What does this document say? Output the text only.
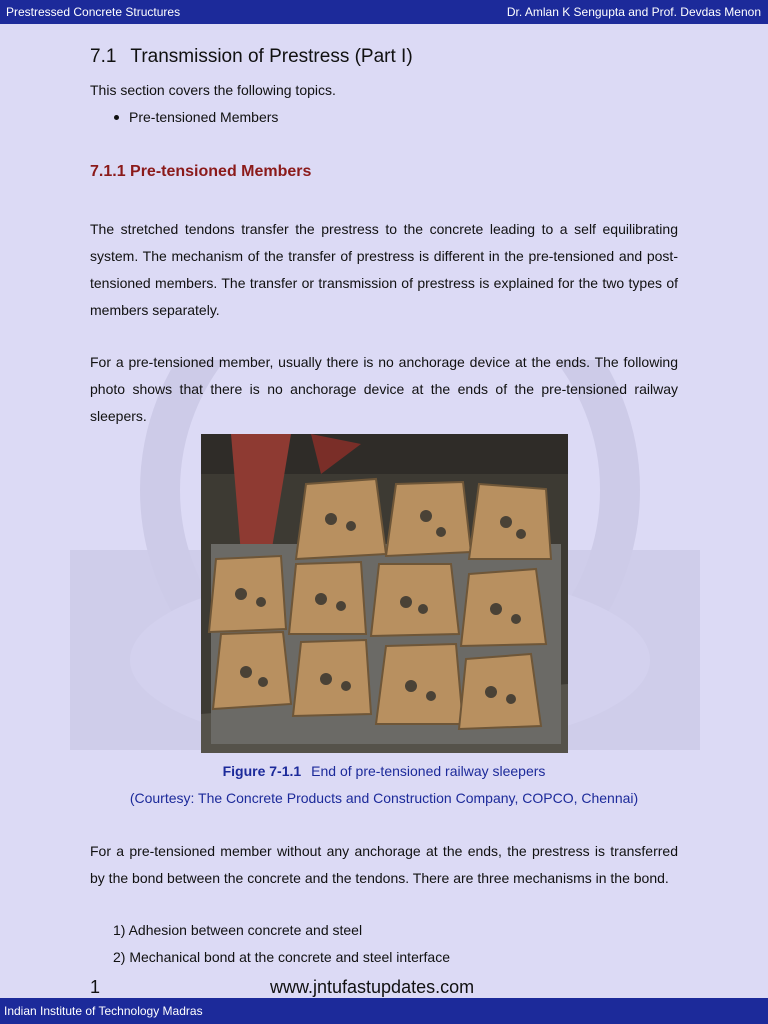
Prestressed Concrete Structures	Dr. Amlan K Sengupta and Prof. Devdas Menon
7.1 Transmission of Prestress (Part I)
This section covers the following topics.
Pre-tensioned Members
7.1.1 Pre-tensioned Members
The stretched tendons transfer the prestress to the concrete leading to a self equilibrating system. The mechanism of the transfer of prestress is different in the pre-tensioned and post-tensioned members. The transfer or transmission of prestress is explained for the two types of members separately.
For a pre-tensioned member, usually there is no anchorage device at the ends. The following photo shows that there is no anchorage device at the ends of the pre-tensioned railway sleepers.
Figure 7-1.1 End of pre-tensioned railway sleepers
(Courtesy: The Concrete Products and Construction Company, COPCO, Chennai)
For a pre-tensioned member without any anchorage at the ends, the prestress is transferred by the bond between the concrete and the tendons. There are three mechanisms in the bond.
1) Adhesion between concrete and steel
2) Mechanical bond at the concrete and steel interface
1	www.jntufastupdates.com
Indian Institute of Technology Madras
